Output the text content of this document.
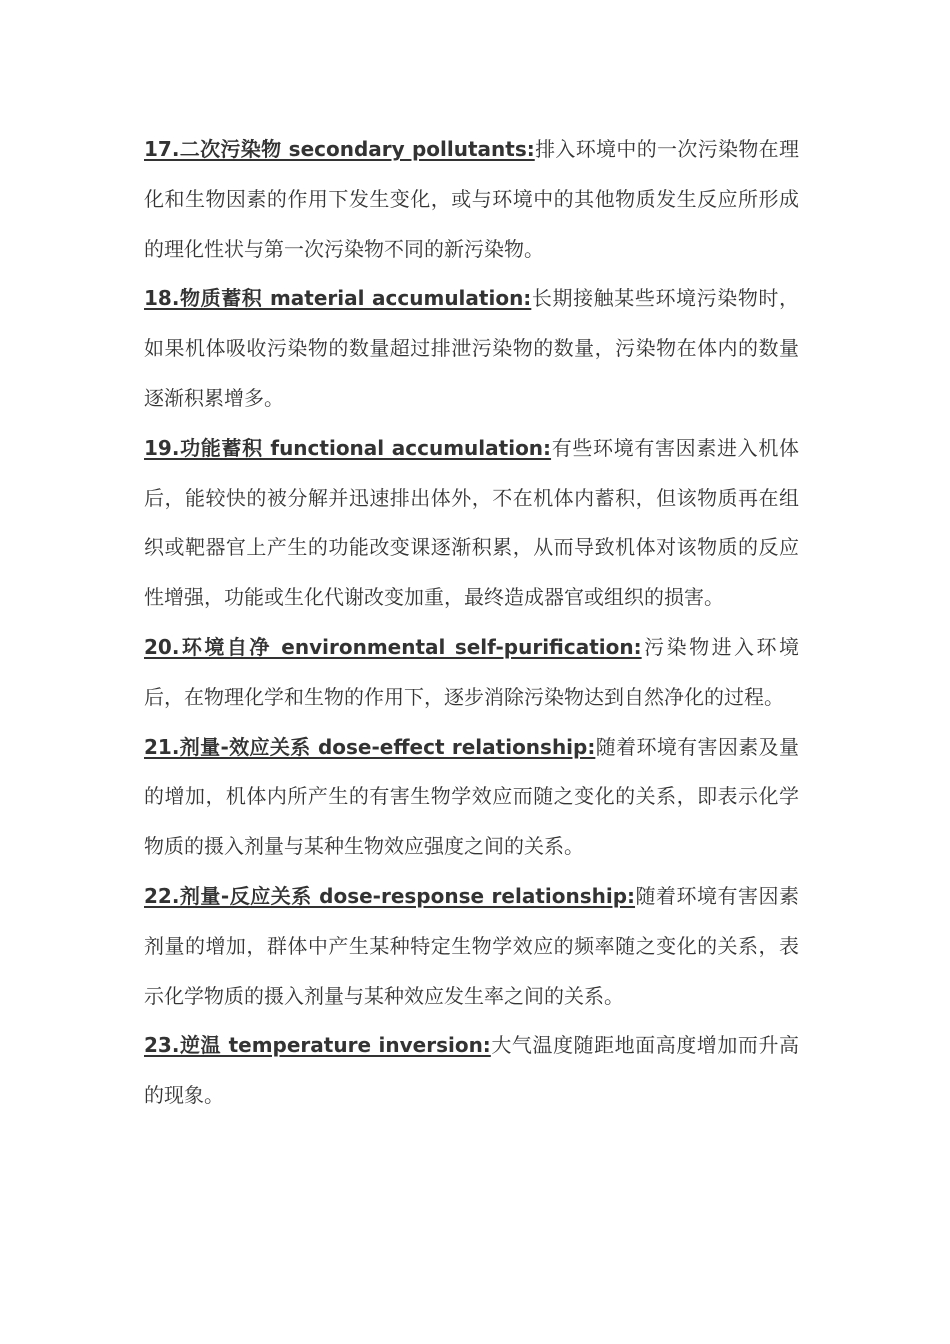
17.二次污染物 secondary pollutants:排入环境中的一次污染物在理化和生物因素的作用下发生变化，或与环境中的其他物质发生反应所形成的理化性状与第一次污染物不同的新污染物。

18.物质蓄积 material accumulation:长期接触某些环境污染物时，如果机体吸收污染物的数量超过排泄污染物的数量，污染物在体内的数量逐渐积累增多。

19.功能蓄积 functional accumulation:有些环境有害因素进入机体后，能较快的被分解并迅速排出体外，不在机体内蓄积，但该物质再在组织或靶器官上产生的功能改变课逐渐积累，从而导致机体对该物质的反应性增强，功能或生化代谢改变加重，最终造成器官或组织的损害。

20.环境自净 environmental self-purification:污染物进入环境后，在物理化学和生物的作用下，逐步消除污染物达到自然净化的过程。

21.剂量-效应关系 dose-effect relationship:随着环境有害因素及量的增加，机体内所产生的有害生物学效应而随之变化的关系，即表示化学物质的摄入剂量与某种生物效应强度之间的关系。

22.剂量-反应关系 dose-response relationship:随着环境有害因素剂量的增加，群体中产生某种特定生物学效应的频率随之变化的关系，表示化学物质的摄入剂量与某种效应发生率之间的关系。

23.逆温 temperature inversion:大气温度随距地面高度增加而升高的现象。
